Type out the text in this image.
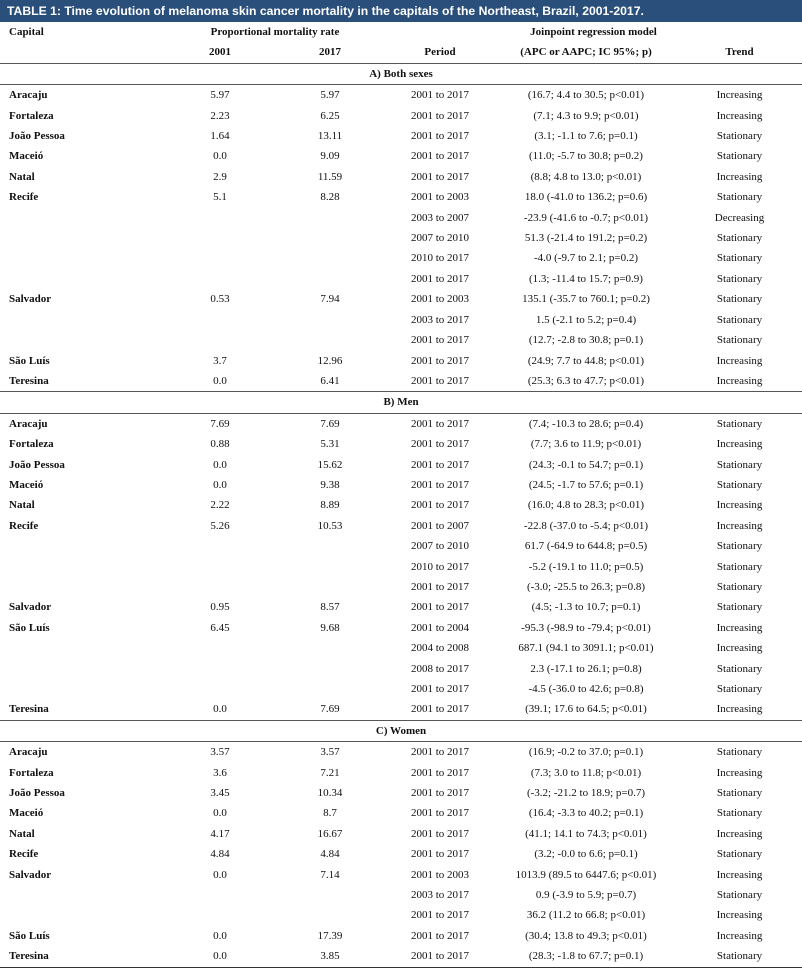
TABLE 1: Time evolution of melanoma skin cancer mortality in the capitals of the Northeast, Brazil, 2001-2017.
Capital	Proportional mortality rate		Joinpoint regression model		
	2001	2017	Period	(APC or AAPC; IC 95%; p)	Trend
A) Both sexes					
Aracaju	5.97	5.97	2001 to 2017	(16.7; 4.4 to 30.5; p<0.01)	Increasing
Fortaleza	2.23	6.25	2001 to 2017	(7.1; 4.3 to 9.9; p<0.01)	Increasing
João Pessoa	1.64	13.11	2001 to 2017	(3.1; -1.1 to 7.6; p=0.1)	Stationary
Maceió	0.0	9.09	2001 to 2017	(11.0; -5.7 to 30.8; p=0.2)	Stationary
Natal	2.9	11.59	2001 to 2017	(8.8; 4.8 to 13.0; p<0.01)	Increasing
Recife	5.1	8.28	2001 to 2003	18.0 (-41.0 to 136.2; p=0.6)	Stationary
			2003 to 2007	-23.9 (-41.6 to -0.7; p<0.01)	Decreasing
			2007 to 2010	51.3 (-21.4 to 191.2; p=0.2)	Stationary
			2010 to 2017	-4.0 (-9.7 to 2.1; p=0.2)	Stationary
			2001 to 2017	(1.3; -11.4 to 15.7; p=0.9)	Stationary
Salvador	0.53	7.94	2001 to 2003	135.1 (-35.7 to 760.1; p=0.2)	Stationary
			2003 to 2017	1.5 (-2.1 to 5.2; p=0.4)	Stationary
			2001 to 2017	(12.7; -2.8 to 30.8; p=0.1)	Stationary
São Luís	3.7	12.96	2001 to 2017	(24.9; 7.7 to 44.8; p<0.01)	Increasing
Teresina	0.0	6.41	2001 to 2017	(25.3; 6.3 to 47.7; p<0.01)	Increasing
B) Men					
Aracaju	7.69	7.69	2001 to 2017	(7.4; -10.3 to 28.6; p=0.4)	Stationary
Fortaleza	0.88	5.31	2001 to 2017	(7.7; 3.6 to 11.9; p<0.01)	Increasing
João Pessoa	0.0	15.62	2001 to 2017	(24.3; -0.1 to 54.7; p=0.1)	Stationary
Maceió	0.0	9.38	2001 to 2017	(24.5; -1.7 to 57.6; p=0.1)	Stationary
Natal	2.22	8.89	2001 to 2017	(16.0; 4.8 to 28.3; p<0.01)	Increasing
Recife	5.26	10.53	2001 to 2007	-22.8 (-37.0 to -5.4; p<0.01)	Increasing
			2007 to 2010	61.7 (-64.9 to 644.8; p=0.5)	Stationary
			2010 to 2017	-5.2 (-19.1 to 11.0; p=0.5)	Stationary
			2001 to 2017	(-3.0; -25.5 to 26.3; p=0.8)	Stationary
Salvador	0.95	8.57	2001 to 2017	(4.5; -1.3 to 10.7; p=0.1)	Stationary
São Luís	6.45	9.68	2001 to 2004	-95.3 (-98.9 to -79.4; p<0.01)	Increasing
			2004 to 2008	687.1 (94.1 to 3091.1; p<0.01)	Increasing
			2008 to 2017	2.3 (-17.1 to 26.1; p=0.8)	Stationary
			2001 to 2017	-4.5 (-36.0 to 42.6; p=0.8)	Stationary
Teresina	0.0	7.69	2001 to 2017	(39.1; 17.6 to 64.5; p<0.01)	Increasing
C) Women					
Aracaju	3.57	3.57	2001 to 2017	(16.9; -0.2 to 37.0; p=0.1)	Stationary
Fortaleza	3.6	7.21	2001 to 2017	(7.3; 3.0 to 11.8; p<0.01)	Increasing
João Pessoa	3.45	10.34	2001 to 2017	(-3.2; -21.2 to 18.9; p=0.7)	Stationary
Maceió	0.0	8.7	2001 to 2017	(16.4; -3.3 to 40.2; p=0.1)	Stationary
Natal	4.17	16.67	2001 to 2017	(41.1; 14.1 to 74.3; p<0.01)	Increasing
Recife	4.84	4.84	2001 to 2017	(3.2; -0.0 to 6.6; p=0.1)	Stationary
Salvador	0.0	7.14	2001 to 2003	1013.9 (89.5 to 6447.6; p<0.01)	Increasing
			2003 to 2017	0.9 (-3.9 to 5.9; p=0.7)	Stationary
			2001 to 2017	36.2 (11.2 to 66.8; p<0.01)	Increasing
São Luís	0.0	17.39	2001 to 2017	(30.4; 13.8 to 49.3; p<0.01)	Increasing
Teresina	0.0	3.85	2001 to 2017	(28.3; -1.8 to 67.7; p=0.1)	Stationary
